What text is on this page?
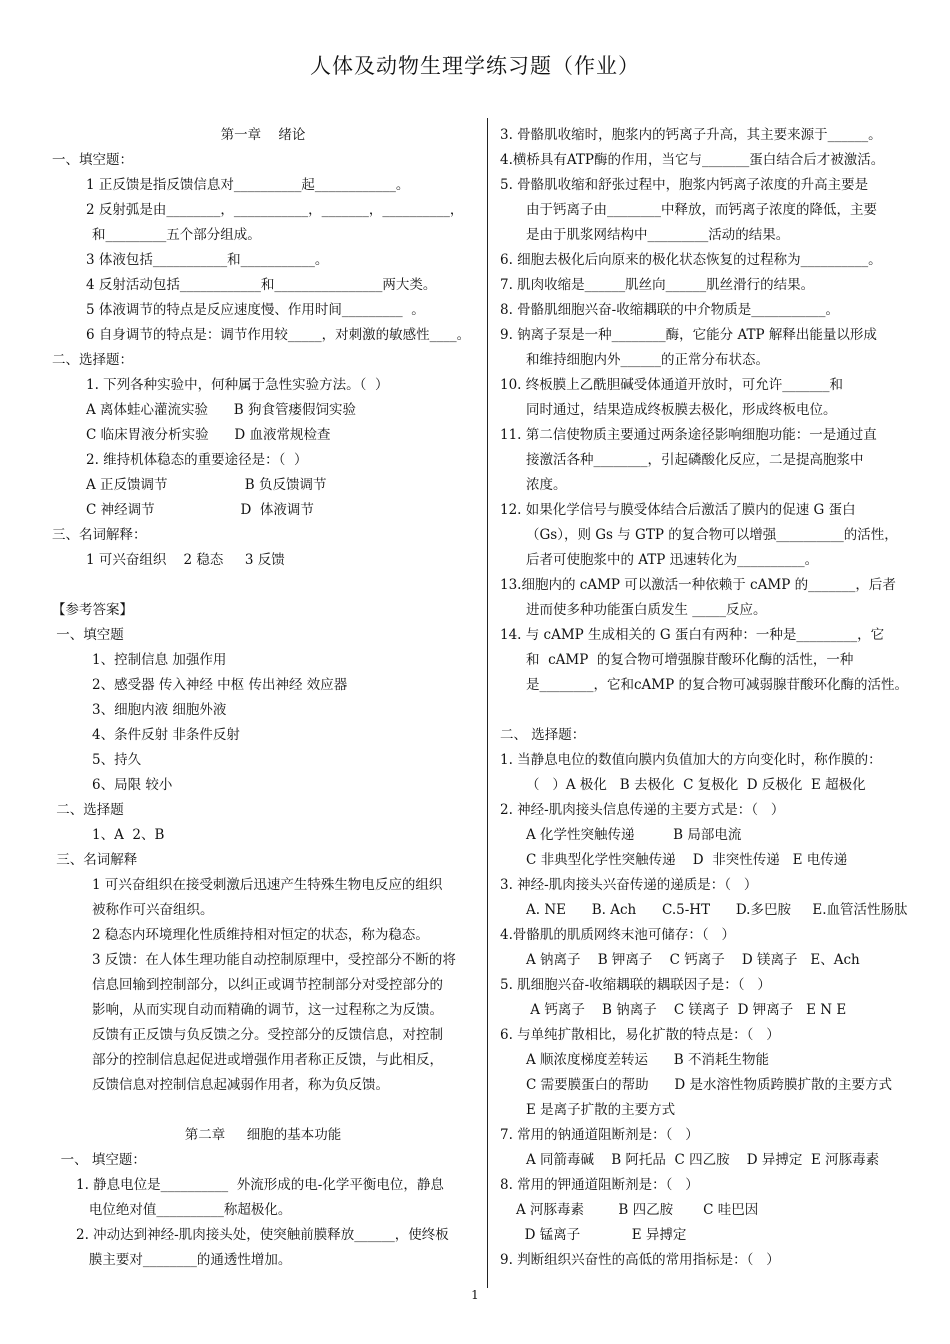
人体及动物生理学练习题（作业）
第一章    绪论
一、填空题：
1 正反馈是指反馈信息对__________起____________。
2 反射弧是由________，___________，_______，__________，
和_________五个部分组成。
3 体液包括___________和___________。
4 反射活动包括____________和________________两大类。
5 体液调节的特点是反应速度慢、作用时间_________  。
6 自身调节的特点是：调节作用较_____，对刺激的敏感性____。
二、选择题：
1. 下列各种实验中，何种属于急性实验方法。（  ）
A 离体蛙心灌流实验      B 狗食管瘘假饲实验
C 临床胃液分析实验      D 血液常规检查
2. 维持机体稳态的重要途径是：（  ）
A 正反馈调节                  B 负反馈调节
C 神经调节                    D  体液调节
三、名词解释：
1 可兴奋组织    2 稳态     3 反馈
【参考答案】
一、填空题
1、控制信息 加强作用
2、感受器 传入神经 中枢 传出神经 效应器
3、细胞内液 细胞外液
4、条件反射 非条件反射
5、持久
6、局限 较小
二、选择题
1、A  2、B
三、名词解释
1 可兴奋组织在接受刺激后迅速产生特殊生物电反应的组织
被称作可兴奋组织。
2 稳态内环境理化性质维持相对恒定的状态，称为稳态。
3 反馈：在人体生理功能自动控制原理中，受控部分不断的将
信息回输到控制部分，以纠正或调节控制部分对受控部分的
影响，从而实现自动而精确的调节，这一过程称之为反馈。
反馈有正反馈与负反馈之分。受控部分的反馈信息，对控制
部分的控制信息起促进或增强作用者称正反馈，与此相反，
反馈信息对控制信息起减弱作用者，称为负反馈。
第二章     细胞的基本功能
一、 填空题：
1. 静息电位是__________  外流形成的电-化学平衡电位，静息
电位绝对值__________称超极化。
2. 冲动达到神经-肌肉接头处，使突触前膜释放______，使终板
膜主要对________的通透性增加。
3. 骨骼肌收缩时，胞浆内的钙离子升高，其主要来源于______。
4.横桥具有ATP酶的作用，当它与_______蛋白结合后才被激活。
5. 骨骼肌收缩和舒张过程中，胞浆内钙离子浓度的升高主要是
由于钙离子由________中释放，而钙离子浓度的降低，主要
是由于肌浆网结构中_________活动的结果。
6. 细胞去极化后向原来的极化状态恢复的过程称为__________。
7. 肌肉收缩是______肌丝向______肌丝滑行的结果。
8. 骨骼肌细胞兴奋-收缩耦联的中介物质是___________。
9. 钠离子泵是一种________酶，它能分 ATP 解释出能量以形成
和维持细胞内外______的正常分布状态。
10. 终板膜上乙酰胆碱受体通道开放时，可允许_______和
同时通过，结果造成终板膜去极化，形成终板电位。
11. 第二信使物质主要通过两条途径影响细胞功能：一是通过直
接激活各种________，引起磷酸化反应，二是提高胞浆中
浓度。
12. 如果化学信号与膜受体结合后激活了膜内的促速 G 蛋白
（Gs），则 Gs 与 GTP 的复合物可以增强__________的活性，
后者可使胞浆中的 ATP 迅速转化为__________。
13.细胞内的 cAMP 可以激活一种依赖于 cAMP 的_______，后者
进而使多种功能蛋白质发生 _____反应。
14. 与 cAMP 生成相关的 G 蛋白有两种：一种是_________，它
和  cAMP  的复合物可增强腺苷酸环化酶的活性，一种
是________，它和cAMP 的复合物可减弱腺苷酸环化酶的活性。
二、 选择题：
1. 当静息电位的数值向膜内负值加大的方向变化时，称作膜的：
（   ）A 极化   B 去极化  C 复极化  D 反极化  E 超极化
2. 神经-肌肉接头信息传递的主要方式是：（   ）
A 化学性突触传递         B 局部电流
C 非典型化学性突触传递    D  非突性传递   E 电传递
3. 神经-肌肉接头兴奋传递的递质是：（   ）
A. NE      B. Ach      C.5-HT      D.多巴胺     E.血管活性肠肽
4.骨骼肌的肌质网终末池可储存：（   ）
A 钠离子    B 钾离子    C 钙离子    D 镁离子   E、Ach
5. 肌细胞兴奋-收缩耦联的耦联因子是：（   ）
A 钙离子    B 钠离子    C 镁离子  D 钾离子   E N E
6. 与单纯扩散相比，易化扩散的特点是：（   ）
A 顺浓度梯度差转运      B 不消耗生物能
C 需要膜蛋白的帮助      D 是水溶性物质跨膜扩散的主要方式
E 是离子扩散的主要方式
7. 常用的钠通道阻断剂是：（   ）
A 同箭毒碱    B 阿托品  C 四乙胺    D 异搏定  E 河豚毒素
8. 常用的钾通道阻断剂是：（   ）
A 河豚毒素        B 四乙胺       C 哇巴因
D 锰离子            E 异搏定
9. 判断组织兴奋性的高低的常用指标是：（   ）
1
